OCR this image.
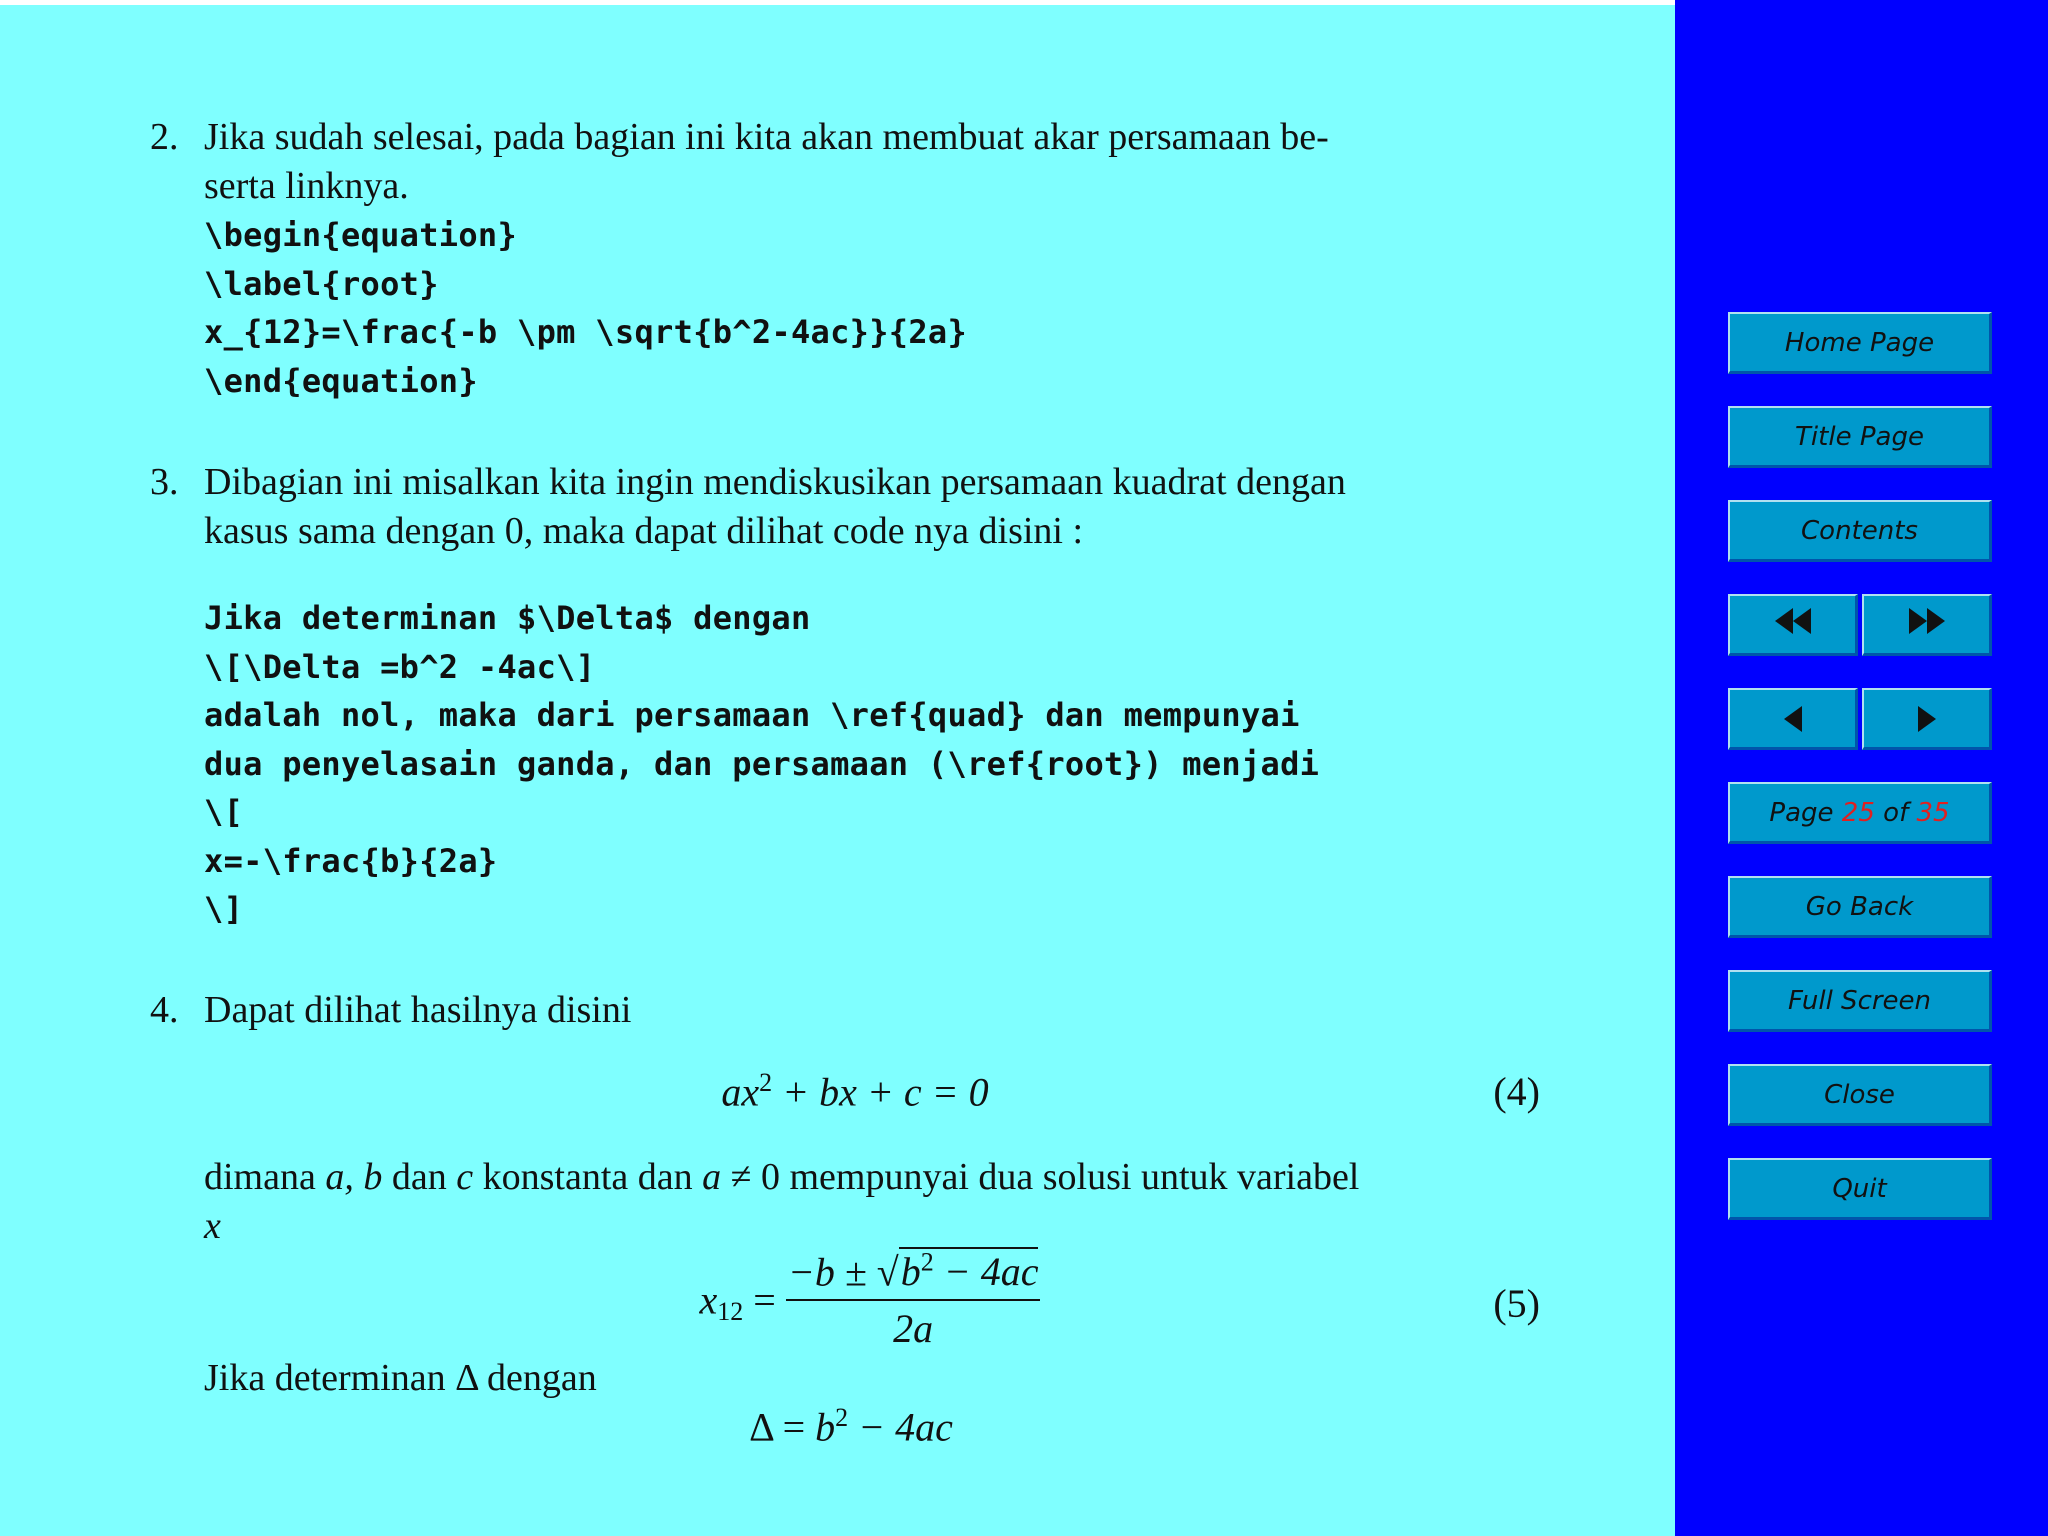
2. Jika sudah selesai, pada bagian ini kita akan membuat akar persamaan be-
serta linknya.
\begin{equation}
\label{root}
x_{12}=\frac{-b \pm \sqrt{b^2-4ac}}{2a}
\end{equation}
3. Dibagian ini misalkan kita ingin mendiskusikan persamaan kuadrat dengan
kasus sama dengan 0, maka dapat dilihat code nya disini :
Jika determinan $\Delta$ dengan
\[\Delta =b^2 -4ac\]
adalah nol, maka dari persamaan \ref{quad} dan mempunyai
dua penyelasain ganda, dan persamaan (\ref{root}) menjadi
\[
x=-\frac{b}{2a}
\]
4. Dapat dilihat hasilnya disini
$ax^2$ + bx + c = 0	(4)
dimana a, b dan c konstanta dan a ≠ 0 mempunyai dua solusi untuk variabel
x
$x_{12} = \frac{-b \pm √b^2 - 4ac}{2a}$	(5)
Jika determinan Δ dengan
$\Delta = b^2 - 4ac$
Home Page
Title Page
Contents
Page
25
of
35
Go Back
Full Screen
Close
Quit
